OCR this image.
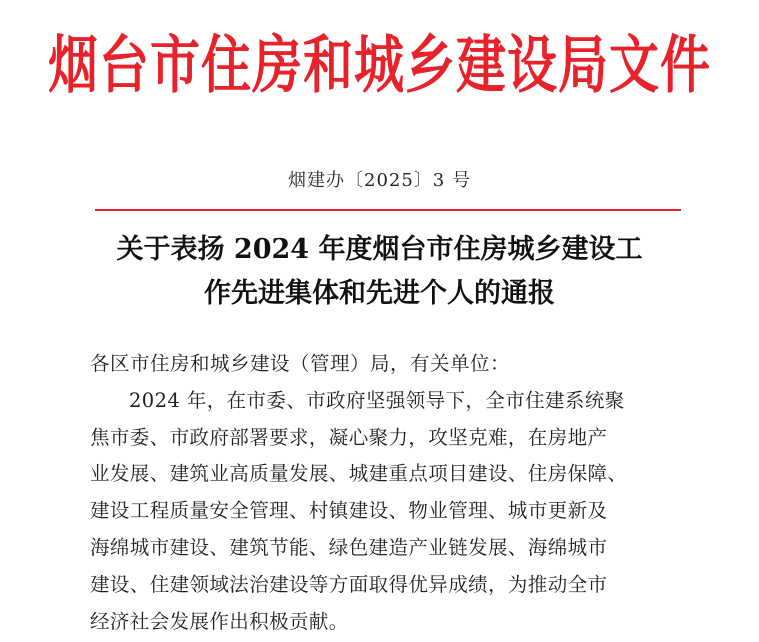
烟台市住房和城乡建设局文件
烟建办〔2025〕3 号
关于表扬 2024 年度烟台市住房城乡建设工
作先进集体和先进个人的通报

各区市住房和城乡建设（管理）局，有关单位：

2024 年，在市委、市政府坚强领导下，全市住建系统聚
焦市委、市政府部署要求，凝心聚力，攻坚克难，在房地产
业发展、建筑业高质量发展、城建重点项目建设、住房保障、
建设工程质量安全管理、村镇建设、物业管理、城市更新及
海绵城市建设、建筑节能、绿色建造产业链发展、海绵城市
建设、住建领域法治建设等方面取得优异成绩，为推动全市
经济社会发展作出积极贡献。
